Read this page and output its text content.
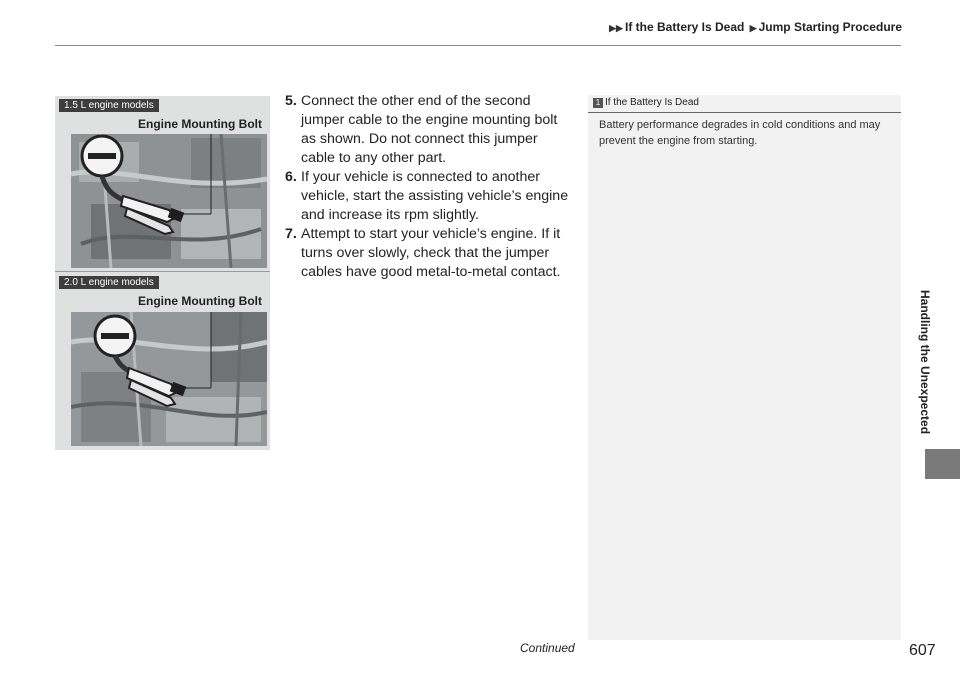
▶▶ If the Battery Is Dead ▶ Jump Starting Procedure
1.5 L engine models
Engine Mounting Bolt
2.0 L engine models
Engine Mounting Bolt

5. Connect the other end of the second jumper cable to the engine mounting bolt as shown. Do not connect this jumper cable to any other part.

6. If your vehicle is connected to another vehicle, start the assisting vehicle’s engine and increase its rpm slightly.

7. Attempt to start your vehicle’s engine. If it turns over slowly, check that the jumper cables have good metal-to-metal contact.

1 If the Battery Is Dead

Battery performance degrades in cold conditions and may prevent the engine from starting.

Handling the Unexpected
Continued	607
